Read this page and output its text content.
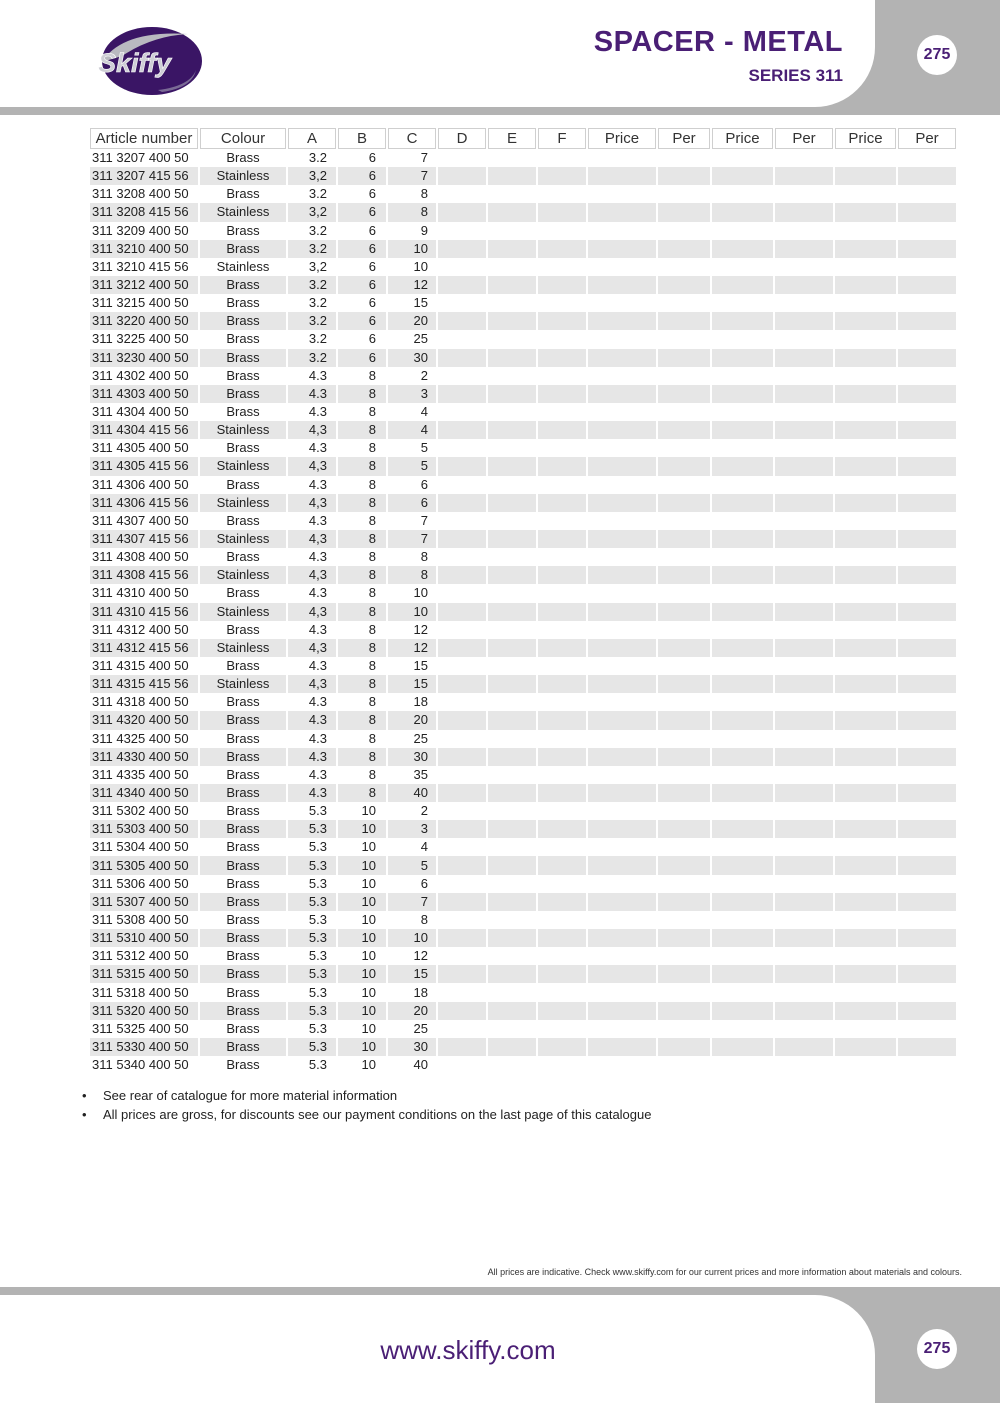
Skiffy
SPACER - METAL
SERIES 311
275
Article number	Colour	A	B	C	D	E	F	Price	Per	Price	Per	Price	Per
311 3207 400 50	Brass	3.2	6	7									
311 3207 415 56	Stainless	3,2	6	7									
311 3208 400 50	Brass	3.2	6	8									
311 3208 415 56	Stainless	3,2	6	8									
311 3209 400 50	Brass	3.2	6	9									
311 3210 400 50	Brass	3.2	6	10									
311 3210 415 56	Stainless	3,2	6	10									
311 3212 400 50	Brass	3.2	6	12									
311 3215 400 50	Brass	3.2	6	15									
311 3220 400 50	Brass	3.2	6	20									
311 3225 400 50	Brass	3.2	6	25									
311 3230 400 50	Brass	3.2	6	30									
311 4302 400 50	Brass	4.3	8	2									
311 4303 400 50	Brass	4.3	8	3									
311 4304 400 50	Brass	4.3	8	4									
311 4304 415 56	Stainless	4,3	8	4									
311 4305 400 50	Brass	4.3	8	5									
311 4305 415 56	Stainless	4,3	8	5									
311 4306 400 50	Brass	4.3	8	6									
311 4306 415 56	Stainless	4,3	8	6									
311 4307 400 50	Brass	4.3	8	7									
311 4307 415 56	Stainless	4,3	8	7									
311 4308 400 50	Brass	4.3	8	8									
311 4308 415 56	Stainless	4,3	8	8									
311 4310 400 50	Brass	4.3	8	10									
311 4310 415 56	Stainless	4,3	8	10									
311 4312 400 50	Brass	4.3	8	12									
311 4312 415 56	Stainless	4,3	8	12									
311 4315 400 50	Brass	4.3	8	15									
311 4315 415 56	Stainless	4,3	8	15									
311 4318 400 50	Brass	4.3	8	18									
311 4320 400 50	Brass	4.3	8	20									
311 4325 400 50	Brass	4.3	8	25									
311 4330 400 50	Brass	4.3	8	30									
311 4335 400 50	Brass	4.3	8	35									
311 4340 400 50	Brass	4.3	8	40									
311 5302 400 50	Brass	5.3	10	2									
311 5303 400 50	Brass	5.3	10	3									
311 5304 400 50	Brass	5.3	10	4									
311 5305 400 50	Brass	5.3	10	5									
311 5306 400 50	Brass	5.3	10	6									
311 5307 400 50	Brass	5.3	10	7									
311 5308 400 50	Brass	5.3	10	8									
311 5310 400 50	Brass	5.3	10	10									
311 5312 400 50	Brass	5.3	10	12									
311 5315 400 50	Brass	5.3	10	15									
311 5318 400 50	Brass	5.3	10	18									
311 5320 400 50	Brass	5.3	10	20									
311 5325 400 50	Brass	5.3	10	25									
311 5330 400 50	Brass	5.3	10	30									
311 5340 400 50	Brass	5.3	10	40									
• See rear of catalogue for more material information
• All prices are gross, for discounts see our payment conditions on the last page of this catalogue
All prices are indicative. Check www.skiffy.com for our current prices and more information about materials and colours.
www.skiffy.com	275
